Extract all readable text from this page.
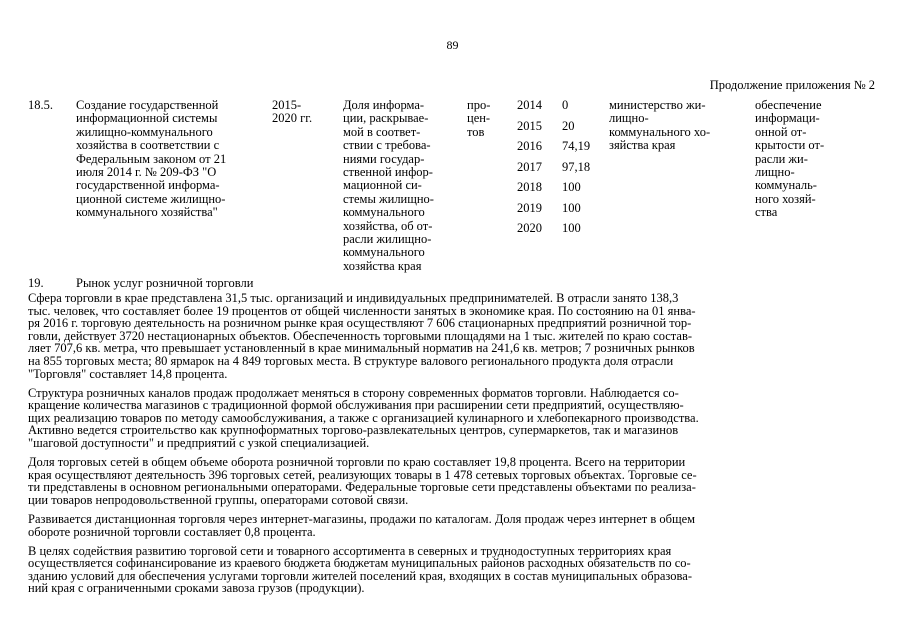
89
Продолжение приложения № 2
18.5. Создание государственной
информационной системы
жилищно-коммунального
хозяйства в соответствии с
Федеральным законом от 21
июля 2014 г. № 209-ФЗ "О
государственной информа-
ционной системе жилищно-
коммунального хозяйства"
2015-
2020 гг.
Доля информа-
ции, раскрывае-
мой в соответ-
ствии с требова-
ниями государ-
ственной инфор-
мационной си-
стемы жилищно-
коммунального
хозяйства, об от-
расли жилищно-
коммунального
хозяйства края
про-
цен-
тов
2014 0
2015 20
2016 74,19
2017 97,18
2018 100
2019 100
2020 100
министерство жи-
лищно-
коммунального хо-
зяйства края
обеспечение
информаци-
онной от-
крытости от-
расли жи-
лищно-
коммуналь-
ного хозяй-
ства
19.	Рынок услуг розничной торговли
Сфера торговли в крае представлена 31,5 тыс. организаций и индивидуальных предпринимателей. В отрасли занято 138,3
тыс. человек, что составляет более 19 процентов от общей численности занятых в экономике края. По состоянию на 01 янва-
ря 2016 г. торговую деятельность на розничном рынке края осуществляют 7 606 стационарных предприятий розничной тор-
говли, действует 3720 нестационарных объектов. Обеспеченность торговыми площадями на 1 тыс. жителей по краю состав-
ляет 707,6 кв. метра, что превышает установленный в крае минимальный норматив на 241,6 кв. метров; 7 розничных рынков
на 855 торговых места; 80 ярмарок на 4 849 торговых места. В структуре валового регионального продукта доля отрасли
"Торговля" составляет 14,8 процента.
Структура розничных каналов продаж продолжает меняться в сторону современных форматов торговли. Наблюдается со-
кращение количества магазинов с традиционной формой обслуживания при расширении сети предприятий, осуществляю-
щих реализацию товаров по методу самообслуживания, а также с организацией кулинарного и хлебопекарного производства.
Активно ведется строительство как крупноформатных торгово-развлекательных центров, супермаркетов, так и магазинов
"шаговой доступности" и предприятий с узкой специализацией.
Доля торговых сетей в общем объеме оборота розничной торговли по краю составляет 19,8 процента. Всего на территории
края осуществляют деятельность 396 торговых сетей, реализующих товары в 1 478 сетевых торговых объектах. Торговые се-
ти представлены в основном региональными операторами. Федеральные торговые сети представлены объектами по реализа-
ции товаров непродовольственной группы, операторами сотовой связи.
Развивается дистанционная торговля через интернет-магазины, продажи по каталогам. Доля продаж через интернет в общем
обороте розничной торговли составляет 0,8 процента.
В целях содействия развитию торговой сети и товарного ассортимента в северных и труднодоступных территориях края
осуществляется софинансирование из краевого бюджета бюджетам муниципальных районов расходных обязательств по со-
зданию условий для обеспечения услугами торговли жителей поселений края, входящих в состав муниципальных образова-
ний края с ограниченными сроками завоза грузов (продукции).
